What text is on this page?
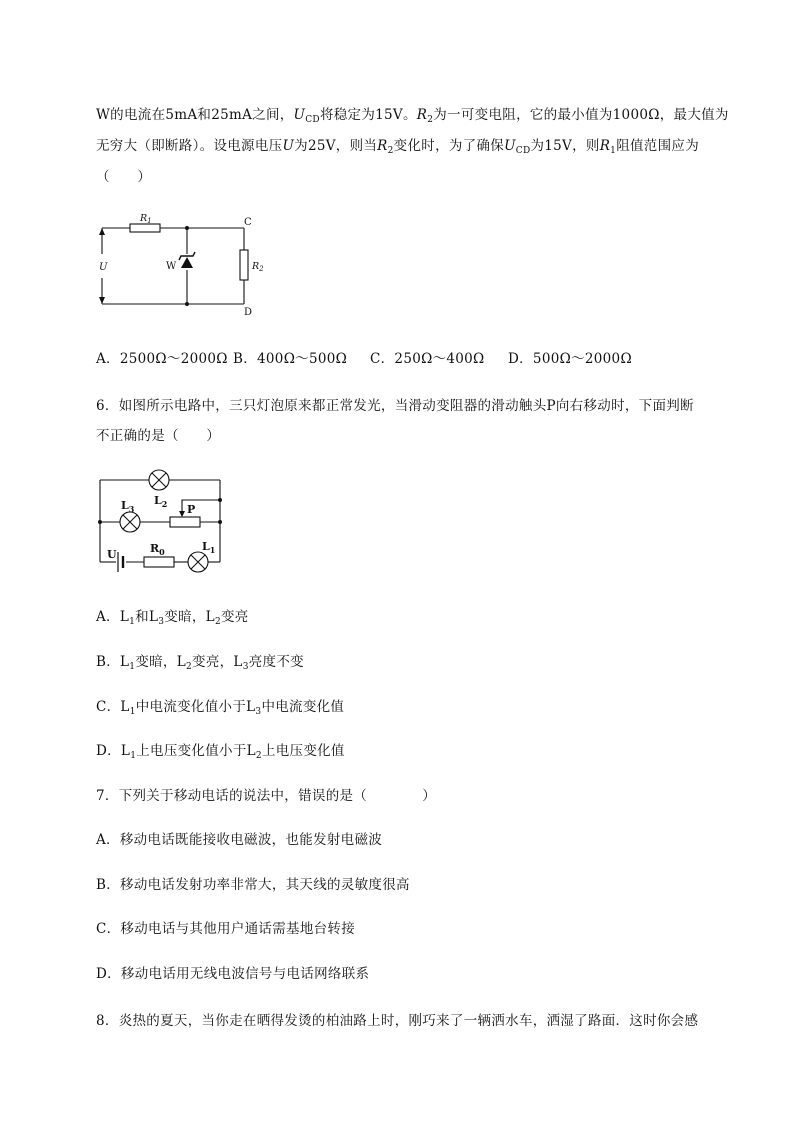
W的电流在5mA和25mA之间，$U_{CD}$将稳定为15V。$R_2$为一可变电阻，它的最小值为1000Ω，最大值为
无穷大（即断路）。设电源电压U为25V，则当$R_2$变化时，为了确保$U_{CD}$为15V，则$R_1$阻值范围应为
（　　）
$R_1$
$R_2$
U	W
C
D
A．2500Ω～2000Ω B．400Ω～500Ω C．250Ω～400Ω D．500Ω～2000Ω
6．如图所示电路中，三只灯泡原来都正常发光，当滑动变阻器的滑动触头P向右移动时，下面判断
不正确的是（　　）
$L_2$
$L_3$	P
U	$R_0$	$L_1$
A．$L_1$和$L_3$变暗，$L_2$变亮
B．$L_1$变暗，$L_2$变亮，$L_3$亮度不变
C．$L_1$中电流变化值小于$L_3$中电流变化值
D．$L_1$上电压变化值小于$L_2$上电压变化值
7．下列关于移动电话的说法中，错误的是（　　　　）
A．移动电话既能接收电磁波，也能发射电磁波
B．移动电话发射功率非常大，其天线的灵敏度很高
C．移动电话与其他用户通话需基地台转接
D．移动电话用无线电波信号与电话网络联系
8．炎热的夏天，当你走在晒得发烫的柏油路上时，刚巧来了一辆洒水车，洒湿了路面．这时你会感
